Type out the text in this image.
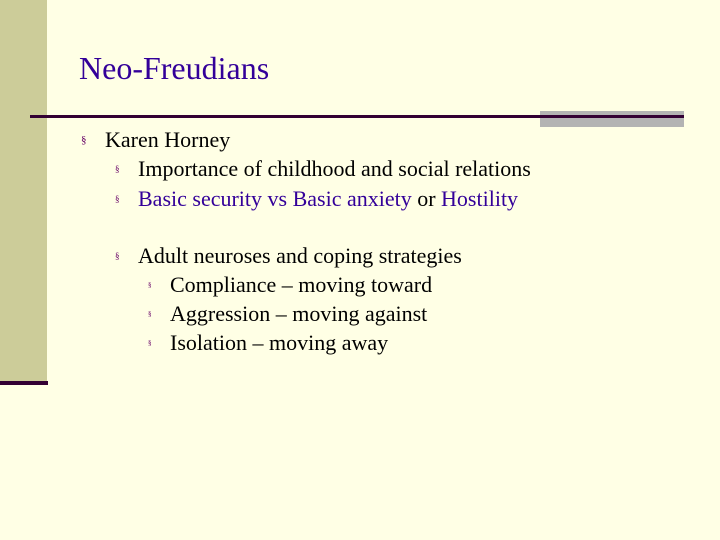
Neo-Freudians
§ Karen Horney
§ Importance of childhood and social relations
§ Basic security vs Basic anxiety or Hostility
§ Adult neuroses and coping strategies
§ Compliance – moving toward
§ Aggression – moving against
§ Isolation – moving away
